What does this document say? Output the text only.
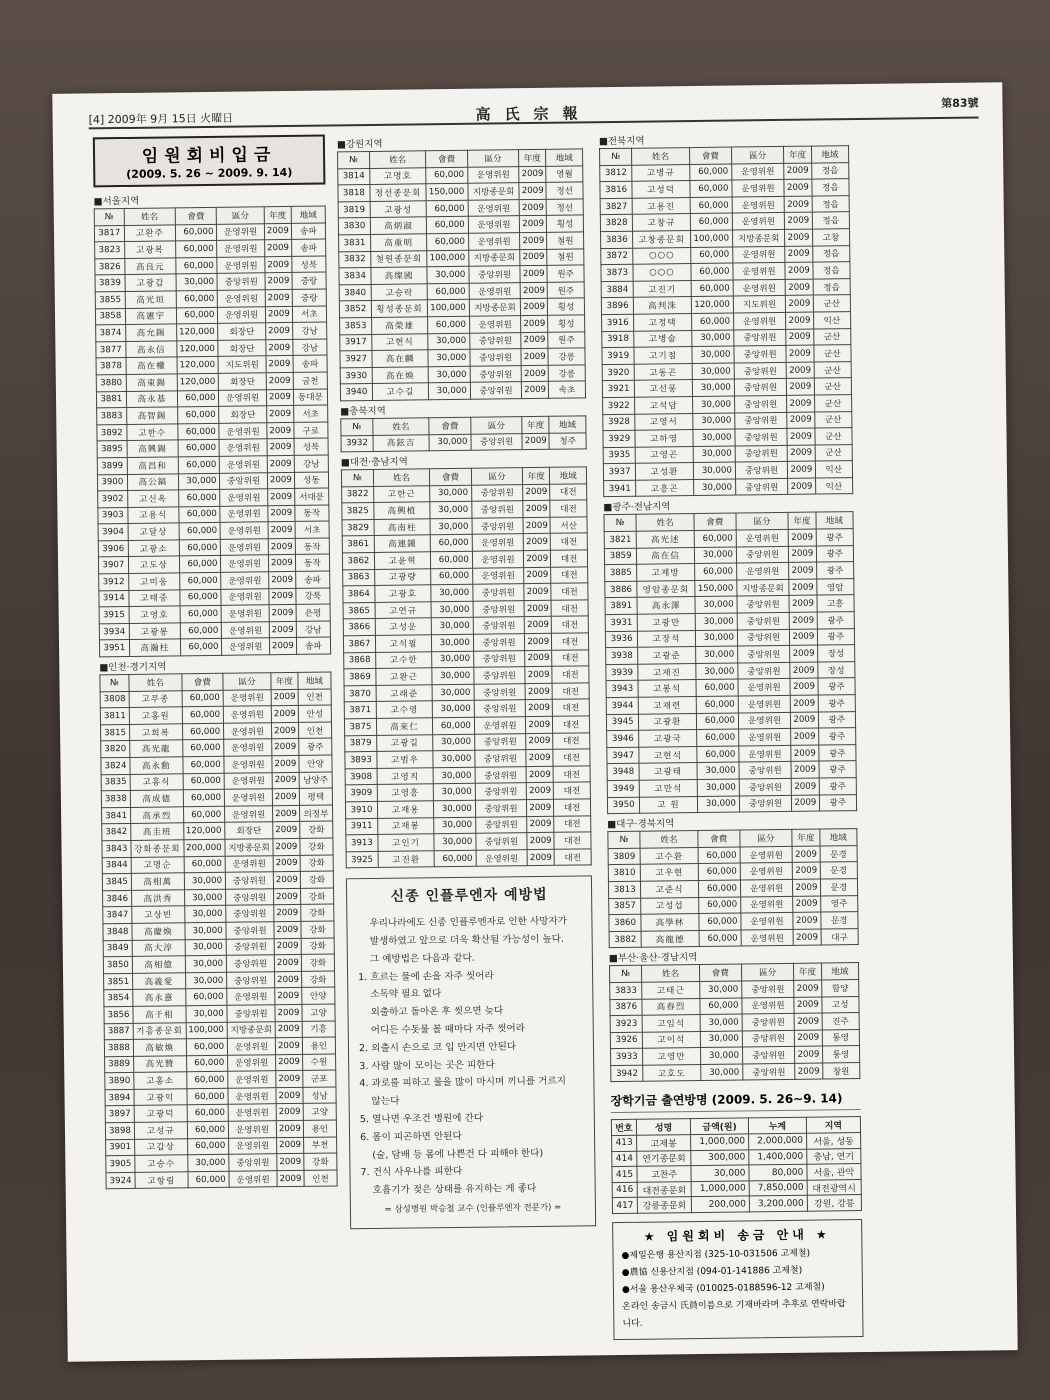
[4] 2009年 9月 15日 火曜日	高氏宗報
第83號
임원회비입금
(2009. 5. 26 ~ 2009. 9. 14)
■서울지역
№	姓名	會費	區分	年度	地域
3817	고환주	60,000	운영위원	2009	송파
3823	고광복	60,000	운영위원	2009	송파
3826	高良元	60,000	운영위원	2009	성북
3839	고광갑	30,000	중앙위원	2009	중랑
3855	高光垣	60,000	운영위원	2009	중랑
3858	高憲宇	60,000	운영위원	2009	서초
3874	高允錫	120,000	회장단	2009	강남
3877	高永信	120,000	회장단	2009	강남
3878	高在權	120,000	지도위원	2009	송파
3880	高東錫	120,000	회장단	2009	금천
3881	高永基	60,000	운영위원	2009	동대문
3883	高智錫	60,000	회장단	2009	서초
3892	고한수	60,000	운영위원	2009	구로
3895	高興錫	60,000	운영위원	2009	성북
3899	高昌和	60,000	운영위원	2009	강남
3900	高公鎬	30,000	중앙위원	2009	성동
3902	고신옥	60,000	운영위원	2009	서대문
3903	고용식	60,000	운영위원	2009	동작
3904	고달상	60,000	운영위원	2009	서초
3906	고광소	60,000	운영위원	2009	동작
3907	고도상	60,000	운영위원	2009	동작
3912	고미웅	60,000	운영위원	2009	송파
3914	고태중	60,000	운영위원	2009	강북
3915	고영호	60,000	운영위원	2009	은평
3934	고광봉	60,000	운영위원	2009	강남
3951	高瀚柱	60,000	운영위원	2009	송파
■인천·경기지역
№	姓名	會費	區分	年度	地域
3808	고무종	60,000	운영위원	2009	인천
3811	고홍원	60,000	운영위원	2009	안성
3815	고희복	60,000	운영위원	2009	인천
3820	高光龍	60,000	운영위원	2009	광주
3824	高永勳	60,000	운영위원	2009	안양
3835	고홍식	60,000	운영위원	2009	남양주
3838	高成德	60,000	운영위원	2009	평택
3841	高承烈	60,000	운영위원	2009	의정부
3842	高圭班	120,000	회장단	2009	강화
3843	강화종문회	200,000	지방종문회	2009	강화
3844	고명순	60,000	운영위원	2009	강화
3845	高相萬	30,000	중앙위원	2009	강화
3846	高洪秀	30,000	중앙위원	2009	강화
3847	고상빈	30,000	중앙위원	2009	강화
3848	高慶煥	30,000	중앙위원	2009	강화
3849	高大淳	30,000	중앙위원	2009	강화
3850	高相億	30,000	중앙위원	2009	강화
3851	高義愛	30,000	중앙위원	2009	강화
3854	高永憙	60,000	운영위원	2009	안양
3856	高千相	30,000	중앙위원	2009	고양
3887	기흥종문회	100,000	지방종문회	2009	기흥
3888	高敏煥	60,000	운영위원	2009	용인
3889	高光贊	60,000	운영위원	2009	수원
3890	고홍소	60,000	운영위원	2009	군포
3894	고광익	60,000	운영위원	2009	성남
3897	고광덕	60,000	운영위원	2009	고양
3898	고성규	60,000	운영위원	2009	용인
3901	고갑상	60,000	운영위원	2009	부천
3905	고승수	30,000	중앙위원	2009	강화
3924	고항림	60,000	운영위원	2009	인천
■강원지역
№	姓名	會費	區分	年度	地域
3814	고명호	60,000	운영위원	2009	영월
3818	정선종문회	150,000	지방종문회	2009	정선
3819	고광성	60,000	운영위원	2009	정선
3830	高炳淑	60,000	운영위원	2009	횡성
3831	高重明	60,000	운영위원	2009	철원
3832	철원종문회	100,000	지방종문회	2009	철원
3834	高燦國	30,000	중앙위원	2009	원주
3840	고승락	60,000	운영위원	2009	원주
3852	횡성종문회	100,000	지방종문회	2009	횡성
3853	高榮雄	60,000	운영위원	2009	횡성
3917	고현식	30,000	중앙위원	2009	원주
3927	高在麟	30,000	중앙위원	2009	강릉
3930	高在煥	30,000	중앙위원	2009	강릉
3940	고수길	30,000	중앙위원	2009	속초
■충북지역
№	姓名	會費	區分	年度	地域
3932	高鉉吉	30,000	중앙위원	2009	청주
■대전·충남지역
№	姓名	會費	區分	年度	地域
3822	고한근	30,000	중앙위원	2009	대전
3825	高興植	30,000	중앙위원	2009	대전
3829	高南柱	30,000	중앙위원	2009	서산
3861	高連鍾	60,000	운영위원	2009	대전
3862	고윤혁	60,000	운영위원	2009	대전
3863	고광량	60,000	운영위원	2009	대전
3864	고광호	30,000	중앙위원	2009	대전
3865	고연규	30,000	중앙위원	2009	대전
3866	고성운	30,000	중앙위원	2009	대전
3867	고석필	30,000	중앙위원	2009	대전
3868	고수한	30,000	중앙위원	2009	대전
3869	고완근	30,000	중앙위원	2009	대전
3870	고래준	30,000	중앙위원	2009	대전
3871	고수영	30,000	중앙위원	2009	대전
3875	高來仁	60,000	운영위원	2009	대전
3879	고광길	30,000	중앙위원	2009	대전
3893	고범우	30,000	중앙위원	2009	대전
3908	고영직	30,000	중앙위원	2009	대전
3909	고영흥	30,000	중앙위원	2009	대전
3910	고재용	30,000	중앙위원	2009	대전
3911	고재봉	30,000	중앙위원	2009	대전
3913	고인기	30,000	중앙위원	2009	대전
3925	고진환	60,000	운영위원	2009	대전
신종 인플루엔자 예방법

우리나라에도 신종 인플루엔자로 인한 사망자가

발생하였고 앞으로 더욱 확산될 가능성이 높다.

그 예방법은 다음과 같다.

1. 흐르는 물에 손을 자주 씻어라

소독약 필요 없다

외출하고 돌아온 후 씻으면 늦다

어디든 수돗물 볼 때마다 자주 씻어라

2. 외출시 손으로 코 입 만지면 안된다

3. 사람 많이 모이는 곳은 피한다

4. 과로를 피하고 물을 많이 마시며 끼니를 거르지

않는다

5. 열나면 우조건 병원에 간다

6. 몸이 피곤하면 안된다

(술, 담배 등 몸에 나쁜건 다 피해야 한다)

7. 건식 사우나를 피한다

호흡기가 젖은 상태를 유지하는 게 좋다

= 삼성병원 박승철 교수 (인플루엔자 전문가) =
■전북지역
№	姓名	會費	區分	年度	地域
3812	고병규	60,000	운영위원	2009	정읍
3816	고성덕	60,000	운영위원	2009	정읍
3827	고용진	60,000	운영위원	2009	정읍
3828	고창규	60,000	운영위원	2009	정읍
3836	고창종문회	100,000	지방종문회	2009	고창
3872	○○○	60,000	운영위원	2009	정읍
3873	○○○	60,000	운영위원	2009	정읍
3884	고진기	60,000	운영위원	2009	정읍
3896	高判洙	120,000	지도위원	2009	군산
3916	고정택	60,000	운영위원	2009	익산
3918	고병술	30,000	중앙위원	2009	군산
3919	고기점	30,000	중앙위원	2009	군산
3920	고동곤	30,000	중앙위원	2009	군산
3921	고선풍	30,000	중앙위원	2009	군산
3922	고석담	30,000	중앙위원	2009	군산
3928	고영서	30,000	중앙위원	2009	군산
3929	고하영	30,000	중앙위원	2009	군산
3935	고영곤	30,000	중앙위원	2009	군산
3937	고성환	30,000	중앙위원	2009	익산
3941	고흥곤	30,000	중앙위원	2009	익산
■광주·전남지역
№	姓名	會費	區分	年度	地域
3821	高光述	60,000	운영위원	2009	광주
3859	高在信	30,000	중앙위원	2009	광주
3885	고제방	60,000	운영위원	2009	광주
3886	영암종문회	150,000	지방종문회	2009	영암
3891	高永澤	30,000	중앙위원	2009	고흥
3931	고광만	30,000	중앙위원	2009	광주
3936	고장석	30,000	중앙위원	2009	광주
3938	고광준	30,000	중앙위원	2009	장성
3939	고재진	30,000	중앙위원	2009	장성
3943	고봉석	60,000	운영위원	2009	광주
3944	고재련	60,000	운영위원	2009	광주
3945	고광환	60,000	운영위원	2009	광주
3946	고광국	60,000	운영위원	2009	광주
3947	고현석	60,000	운영위원	2009	광주
3948	고광태	30,000	중앙위원	2009	광주
3949	고만석	30,000	중앙위원	2009	광주
3950	고 원	30,000	중앙위원	2009	광주
■대구·경북지역
№	姓名	會費	區分	年度	地域
3809	고수환	60,000	운영위원	2009	문경
3810	고우현	60,000	운영위원	2009	문경
3813	고준식	60,000	운영위원	2009	문경
3857	고성섭	60,000	운영위원	2009	영주
3860	高學林	60,000	운영위원	2009	문경
3882	高龍德	60,000	운영위원	2009	대구
■부산·울산·경남지역
№	姓名	會費	區分	年度	地域
3833	고태근	30,000	중앙위원	2009	함양
3876	高春烈	60,000	운영위원	2009	고성
3923	고임석	30,000	중앙위원	2009	진주
3926	고이석	30,000	중앙위원	2009	통영
3933	고영만	30,000	중앙위원	2009	통영
3942	고호도	30,000	중앙위원	2009	창원
장학기금 출연방명 (2009. 5. 26~9. 14)
번호	성명	금액(원)	누계	지역
413	고제봉	1,000,000	2,000,000	서울, 성동
414	연기종문회	300,000	1,400,000	충남, 연기
415	고찬주	30,000	80,000	서울, 관악
416	대전종문회	1,000,000	7,850,000	대전광역시
417	강릉종문회	200,000	3,200,000	강원, 강릉
★ 임원회비 송금 안내 ★
●제일은행 용산지점 (325-10-031506 고제철)
●農協 신용산지점 (094-01-141886 고제철)
●서울 용산우체국 (010025-0188596-12 고제철)
온라인 송금시 氏員이름으로 기재바라며 추후로 연락바랍니다.
